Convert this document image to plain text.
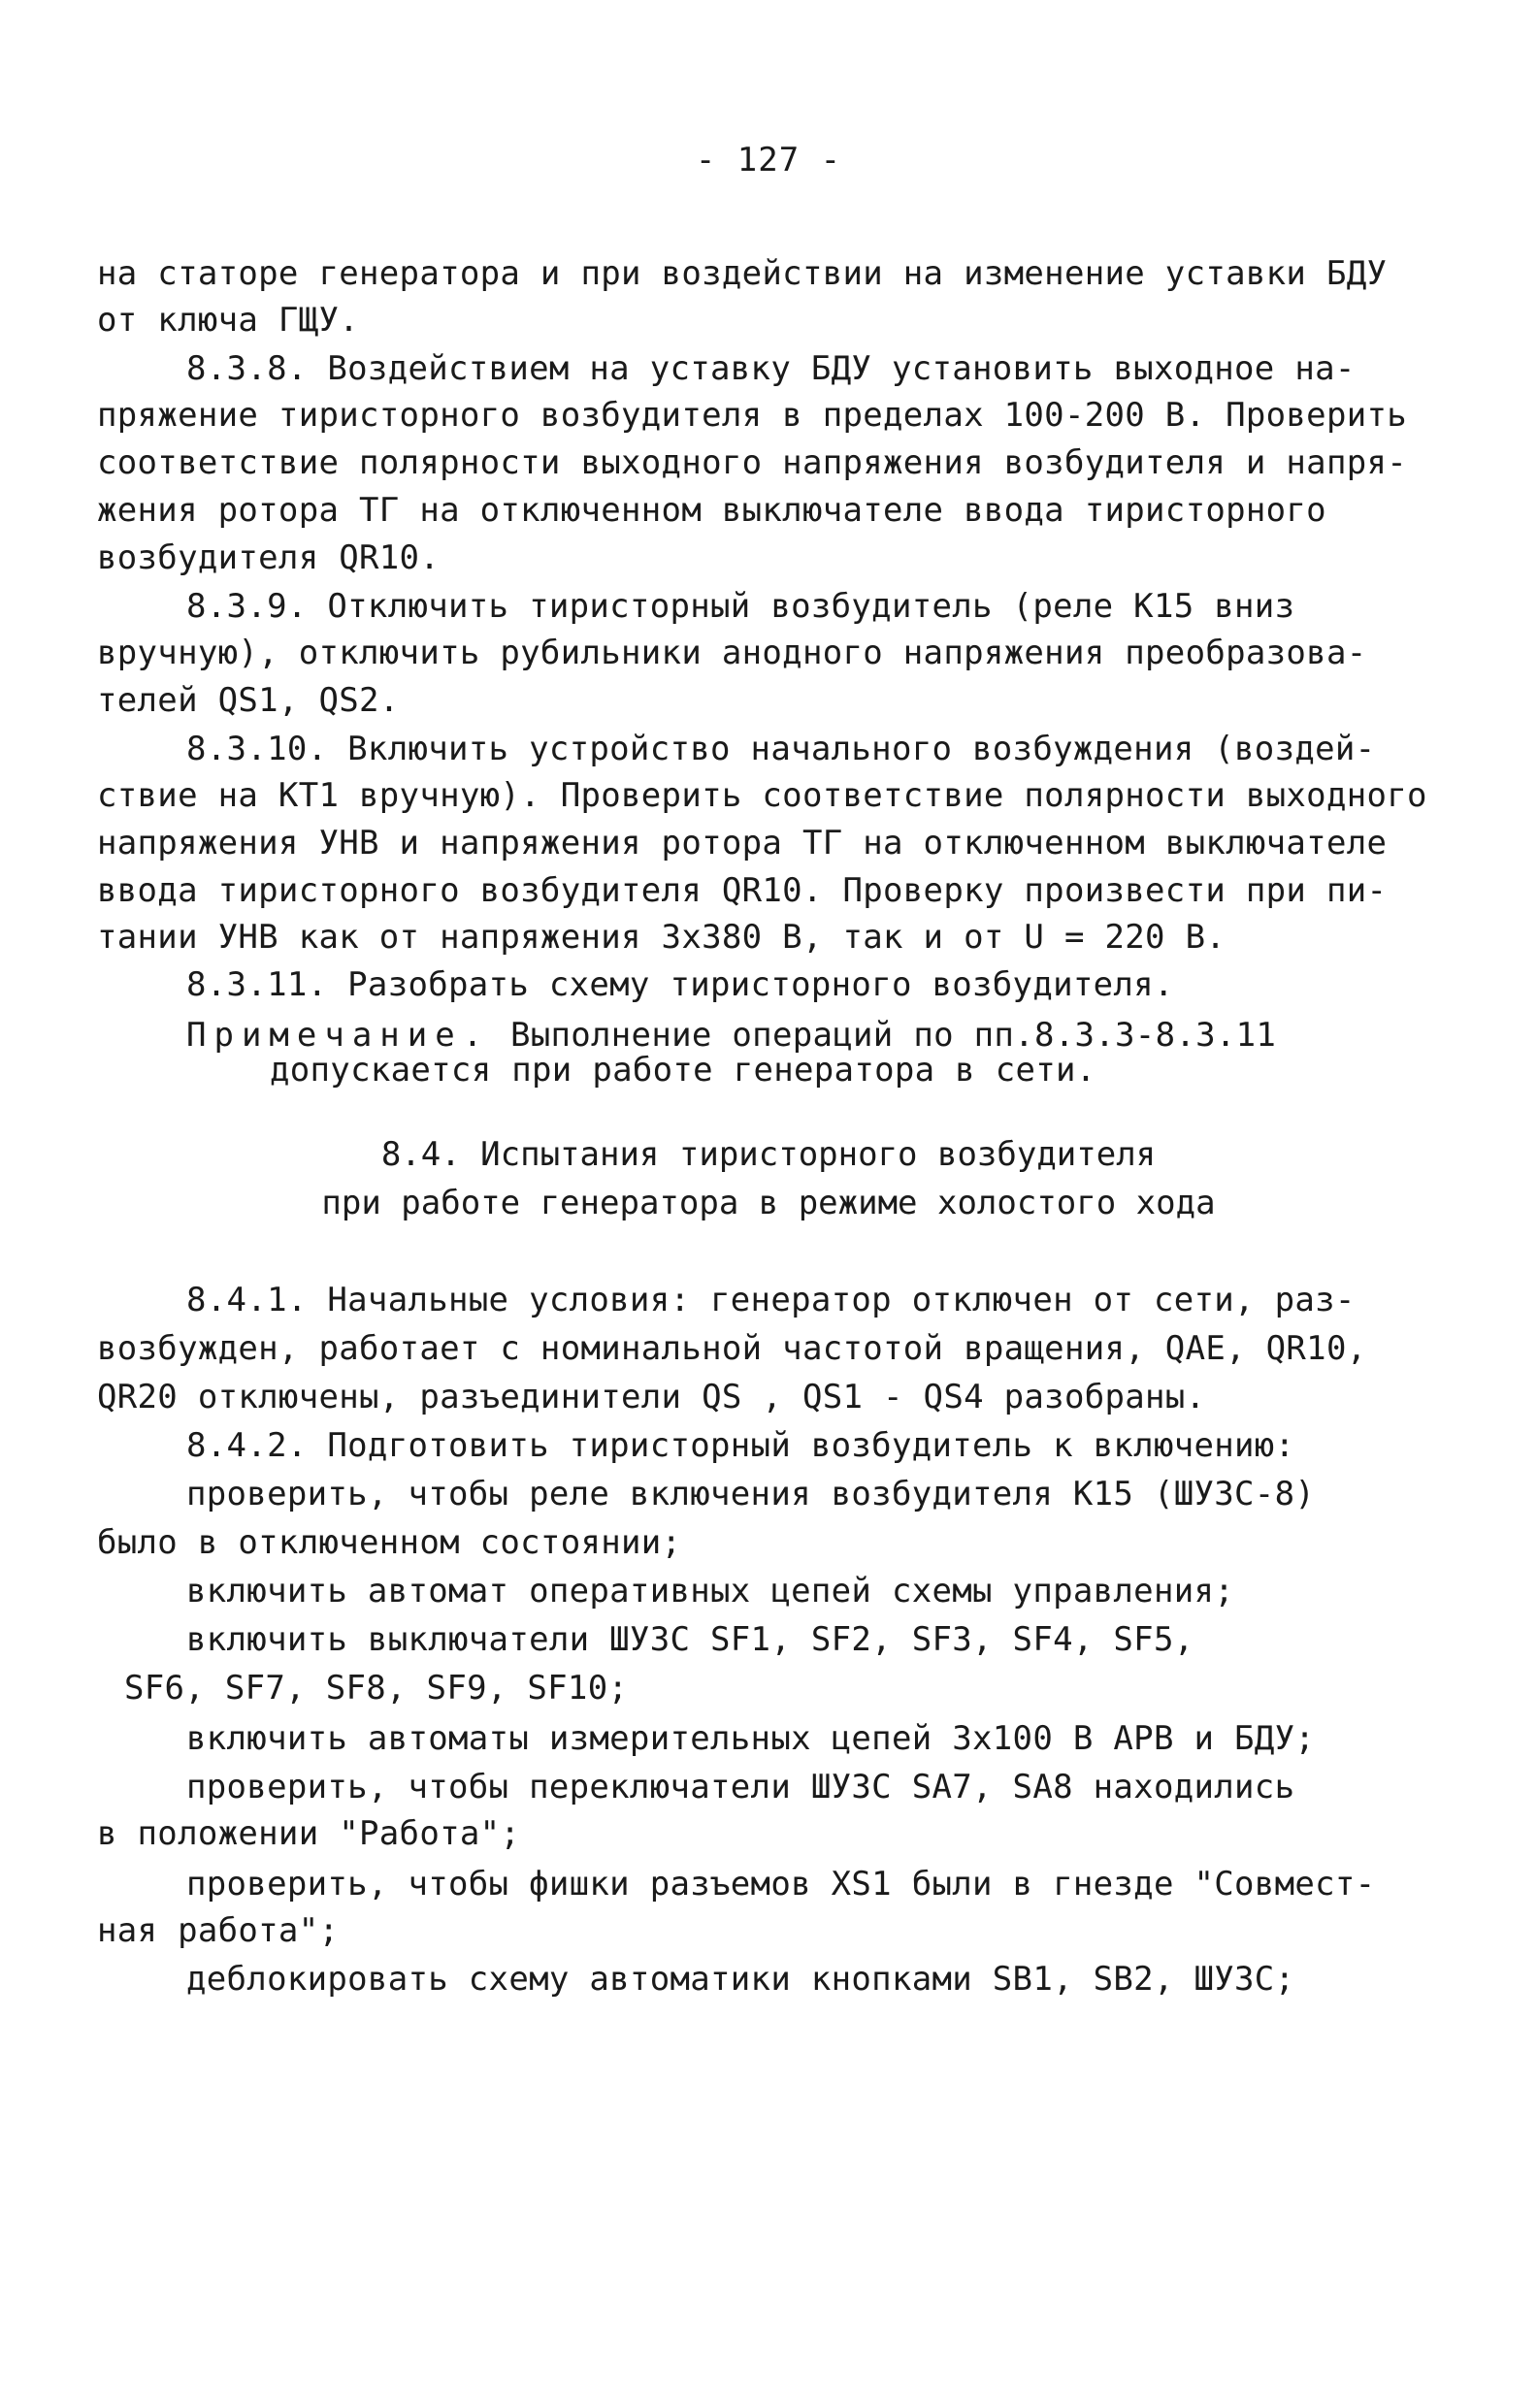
- 127 -
на статоре генератора и при воздействии на изменение уставки БДУ
от ключа ГЩУ.
8.3.8. Воздействием на уставку БДУ установить выходное на-
пряжение тиристорного возбудителя в пределах 100-200 В. Проверить
соответствие полярности выходного напряжения возбудителя и напря-
жения ротора ТГ на отключенном выключателе ввода тиристорного
возбудителя QR10.
8.3.9. Отключить тиристорный возбудитель (реле К15 вниз
вручную), отключить рубильники анодного напряжения преобразова-
телей QS1, QS2.
8.3.10. Включить устройство начального возбуждения (воздей-
ствие на КТ1 вручную). Проверить соответствие полярности выходного
напряжения УНВ и напряжения ротора ТГ на отключенном выключателе
ввода тиристорного возбудителя QR10. Проверку произвести при пи-
тании УНВ как от напряжения 3х380 В, так и от U = 220 В.
8.3.11. Разобрать схему тиристорного возбудителя.
Примечание. Выполнение операций по пп.8.3.3-8.3.11
допускается при работе генератора в сети.
8.4. Испытания тиристорного возбудителя
при работе генератора в режиме холостого хода
8.4.1. Начальные условия: генератор отключен от сети, раз-
возбужден, работает с номинальной частотой вращения, QAE, QR10,
QR20 отключены, разъединители QS , QS1 - QS4 разобраны.
8.4.2. Подготовить тиристорный возбудитель к включению:
проверить, чтобы реле включения возбудителя К15 (ШУЗС-8)
было в отключенном состоянии;
включить автомат оперативных цепей схемы управления;
включить выключатели ШУЗС SF1, SF2, SF3, SF4, SF5,
SF6, SF7, SF8, SF9, SF10;
включить автоматы измерительных цепей 3х100 В АРВ и БДУ;
проверить, чтобы переключатели ШУЗС SA7, SA8 находились
в положении "Работа";
проверить, чтобы фишки разъемов XS1 были в гнезде "Совмест-
ная работа";
деблокировать схему автоматики кнопками SB1, SB2, ШУЗС;
